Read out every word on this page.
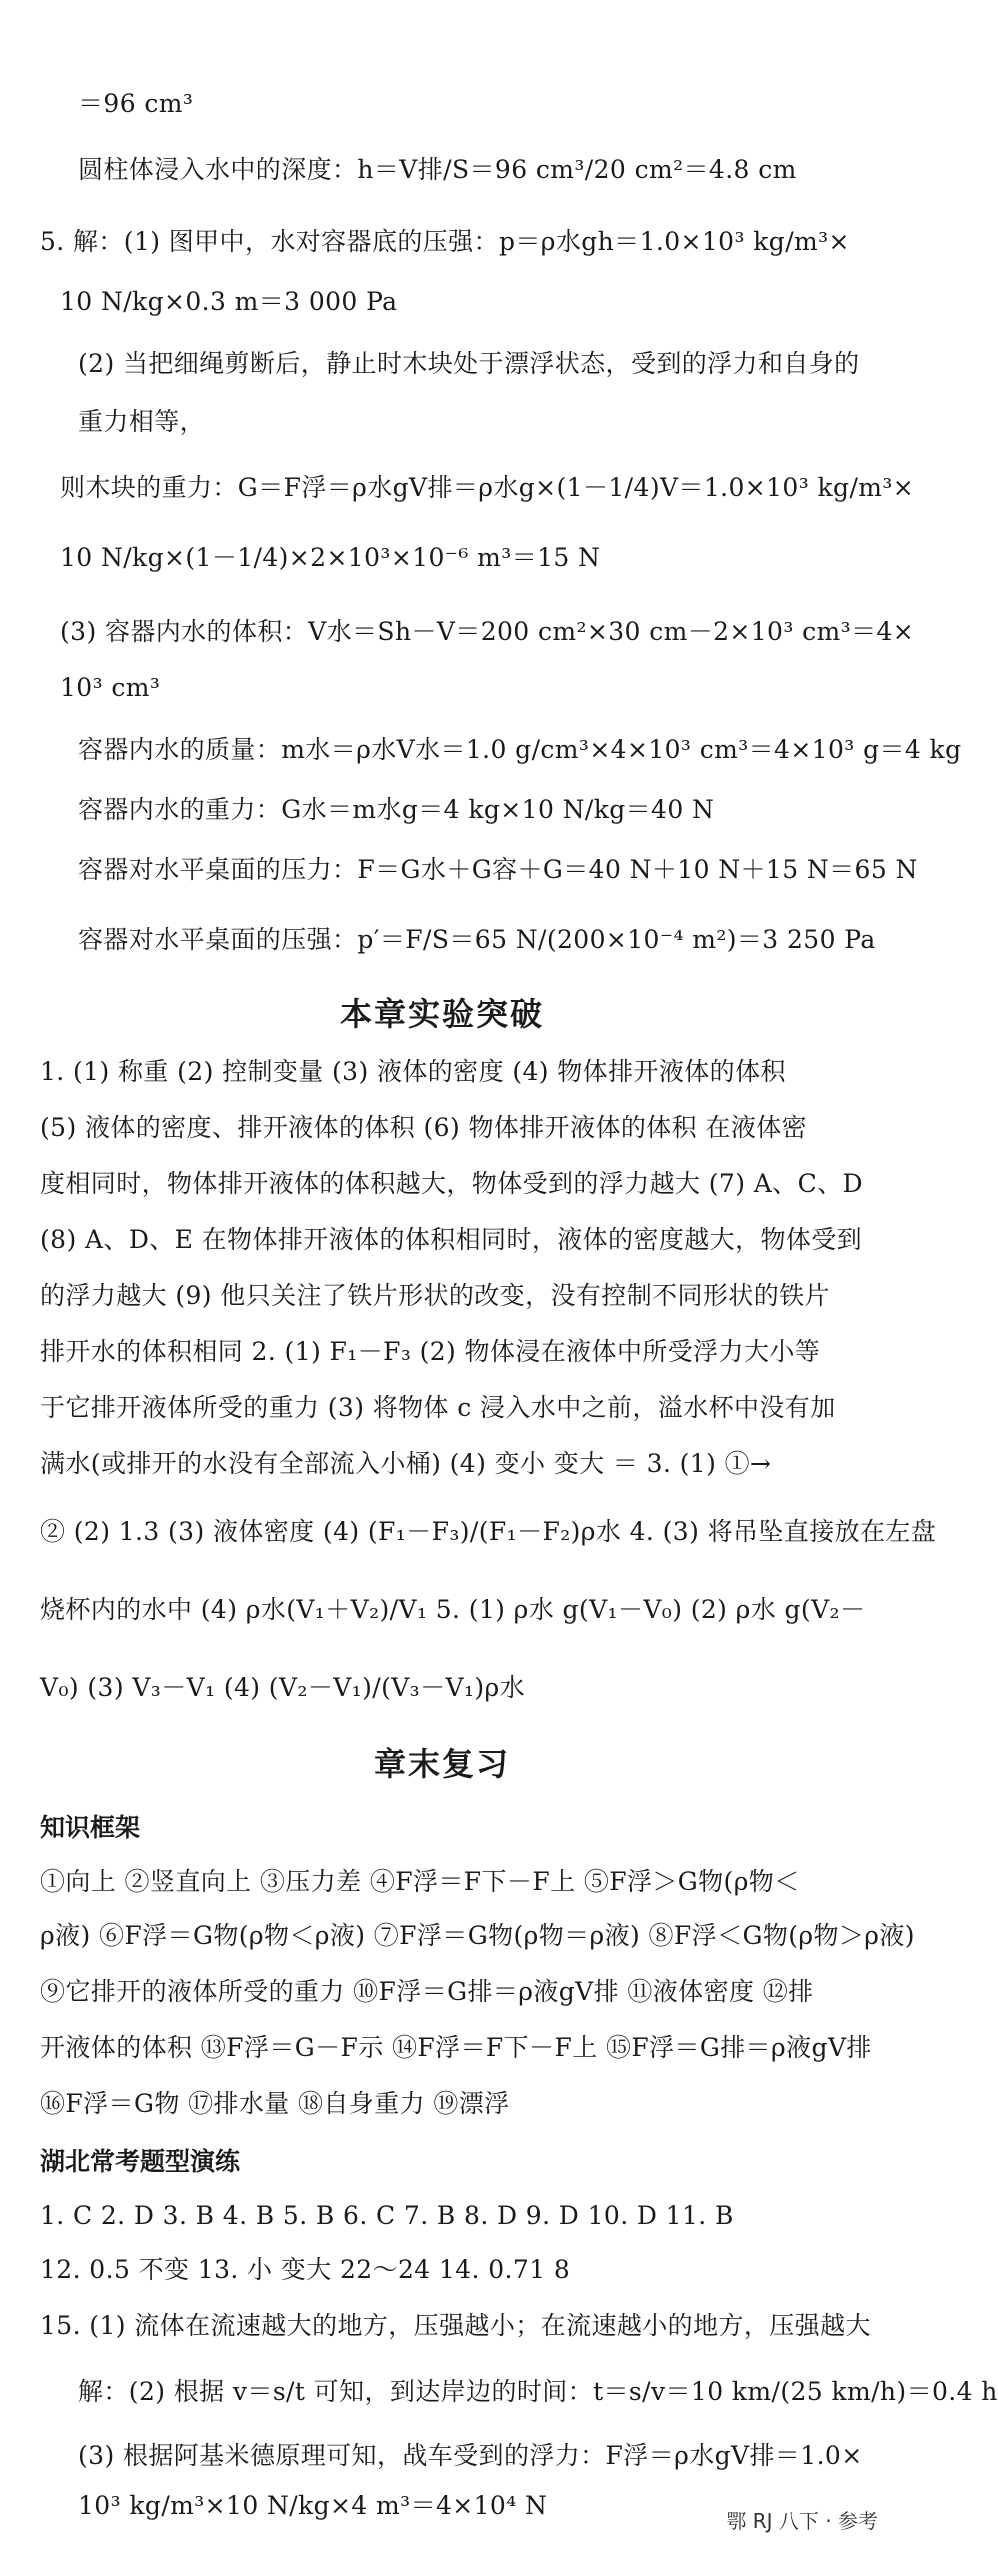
＝96 cm³
圆柱体浸入水中的深度：h＝V排/S＝96 cm³/20 cm²＝4.8 cm
5. 解：(1) 图甲中，水对容器底的压强：p＝ρ水gh＝1.0×10³ kg/m³×
10 N/kg×0.3 m＝3 000 Pa
(2) 当把细绳剪断后，静止时木块处于漂浮状态，受到的浮力和自身的
重力相等，
则木块的重力：G＝F浮＝ρ水gV排＝ρ水g×(1－1/4)V＝1.0×10³ kg/m³×
10 N/kg×(1－1/4)×2×10³×10⁻⁶ m³＝15 N
(3) 容器内水的体积：V水＝Sh－V＝200 cm²×30 cm－2×10³ cm³＝4×
10³ cm³
容器内水的质量：m水＝ρ水V水＝1.0 g/cm³×4×10³ cm³＝4×10³ g＝4 kg
容器内水的重力：G水＝m水g＝4 kg×10 N/kg＝40 N
容器对水平桌面的压力：F＝G水＋G容＋G＝40 N＋10 N＋15 N＝65 N
容器对水平桌面的压强：p′＝F/S＝65 N/(200×10⁻⁴ m²)＝3 250 Pa
本章实验突破
1. (1) 称重 (2) 控制变量 (3) 液体的密度 (4) 物体排开液体的体积
(5) 液体的密度、排开液体的体积 (6) 物体排开液体的体积 在液体密
度相同时，物体排开液体的体积越大，物体受到的浮力越大 (7) A、C、D
(8) A、D、E 在物体排开液体的体积相同时，液体的密度越大，物体受到
的浮力越大 (9) 他只关注了铁片形状的改变，没有控制不同形状的铁片
排开水的体积相同 2. (1) F₁－F₃ (2) 物体浸在液体中所受浮力大小等
于它排开液体所受的重力 (3) 将物体 c 浸入水中之前，溢水杯中没有加
满水(或排开的水没有全部流入小桶) (4) 变小 变大 ＝ 3. (1) ①→
② (2) 1.3 (3) 液体密度 (4) (F₁－F₃)/(F₁－F₂)ρ水 4. (3) 将吊坠直接放在左盘
烧杯内的水中 (4) ρ水(V₁＋V₂)/V₁ 5. (1) ρ水 g(V₁－V₀) (2) ρ水 g(V₂－
V₀) (3) V₃－V₁ (4) (V₂－V₁)/(V₃－V₁)ρ水
章末复习
知识框架
①向上 ②竖直向上 ③压力差 ④F浮＝F下－F上 ⑤F浮＞G物(ρ物＜
ρ液) ⑥F浮＝G物(ρ物＜ρ液) ⑦F浮＝G物(ρ物＝ρ液) ⑧F浮＜G物(ρ物＞ρ液)
⑨它排开的液体所受的重力 ⑩F浮＝G排＝ρ液gV排 ⑪液体密度 ⑫排
开液体的体积 ⑬F浮＝G－F示 ⑭F浮＝F下－F上 ⑮F浮＝G排＝ρ液gV排
⑯F浮＝G物 ⑰排水量 ⑱自身重力 ⑲漂浮
湖北常考题型演练
1. C 2. D 3. B 4. B 5. B 6. C 7. B 8. D 9. D 10. D 11. B
12. 0.5 不变 13. 小 变大 22～24 14. 0.71 8
15. (1) 流体在流速越大的地方，压强越小；在流速越小的地方，压强越大
解：(2) 根据 v＝s/t 可知，到达岸边的时间：t＝s/v＝10 km/(25 km/h)＝0.4 h
(3) 根据阿基米德原理可知，战车受到的浮力：F浮＝ρ水gV排＝1.0×
10³ kg/m³×10 N/kg×4 m³＝4×10⁴ N
鄂 RJ 八下 · 参考
